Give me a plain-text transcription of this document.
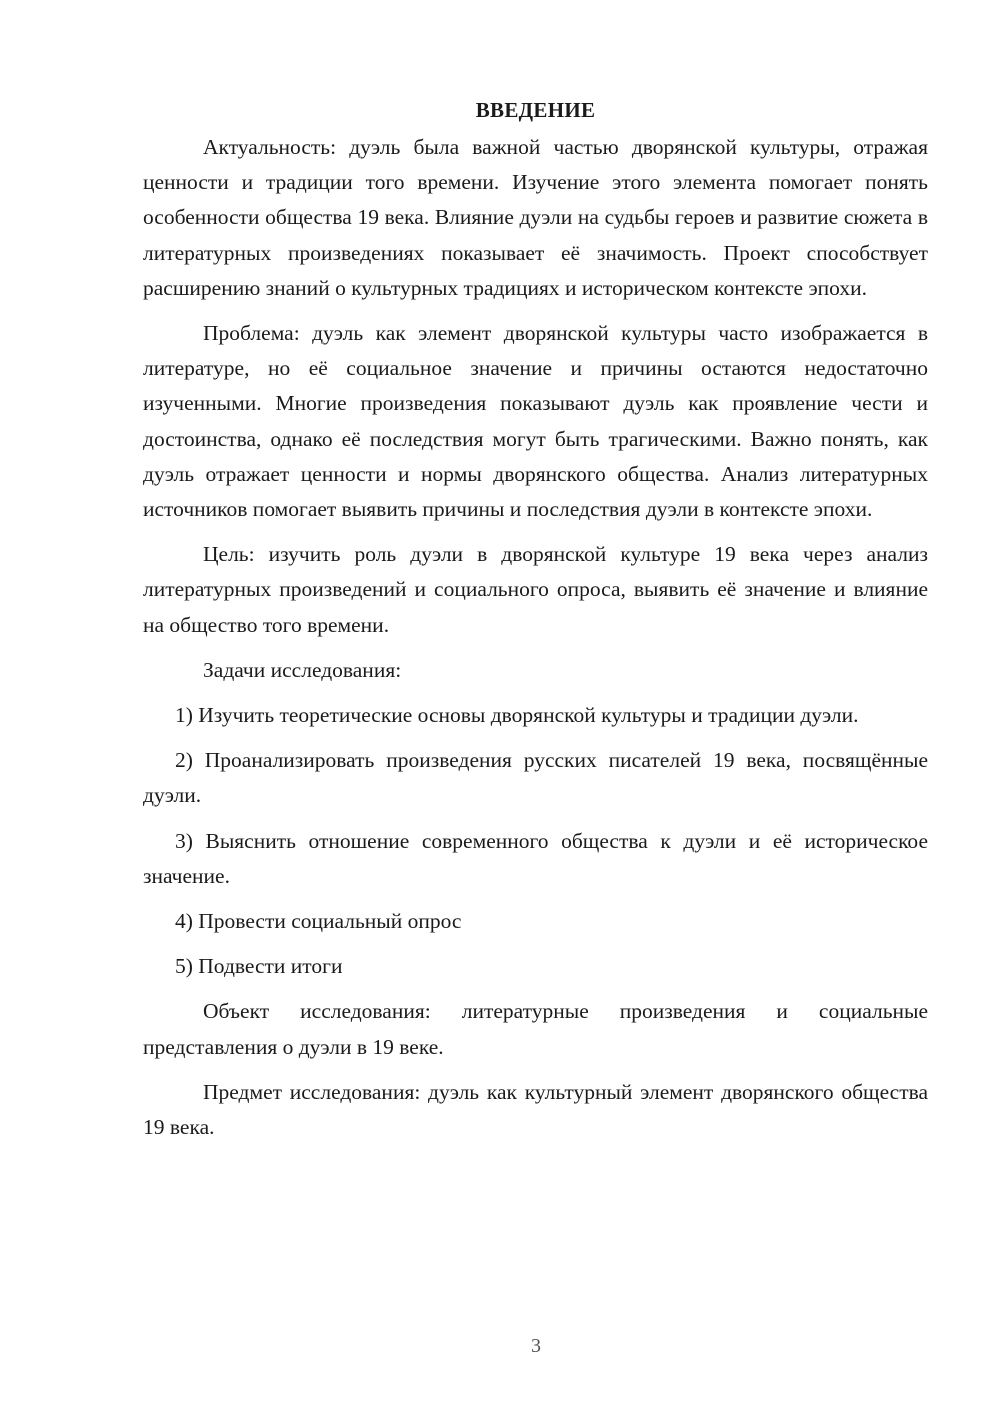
ВВЕДЕНИЕ

Актуальность: дуэль была важной частью дворянской культуры, отражая ценности и традиции того времени. Изучение этого элемента помогает понять особенности общества 19 века. Влияние дуэли на судьбы героев и развитие сюжета в литературных произведениях показывает её значимость. Проект способствует расширению знаний о культурных традициях и историческом контексте эпохи.

Проблема: дуэль как элемент дворянской культуры часто изображается в литературе, но её социальное значение и причины остаются недостаточно изученными. Многие произведения показывают дуэль как проявление чести и достоинства, однако её последствия могут быть трагическими. Важно понять, как дуэль отражает ценности и нормы дворянского общества. Анализ литературных источников помогает выявить причины и последствия дуэли в контексте эпохи.

Цель: изучить роль дуэли в дворянской культуре 19 века через анализ литературных произведений и социального опроса, выявить её значение и влияние на общество того времени.

Задачи исследования:

1) Изучить теоретические основы дворянской культуры и традиции дуэли.

2) Проанализировать произведения русских писателей 19 века, посвящённые дуэли.

3) Выяснить отношение современного общества к дуэли и её историческое значение.

4) Провести социальный опрос

5) Подвести итоги

Объект исследования: литературные произведения и социальные представления о дуэли в 19 веке.

Предмет исследования: дуэль как культурный элемент дворянского общества 19 века.

3
